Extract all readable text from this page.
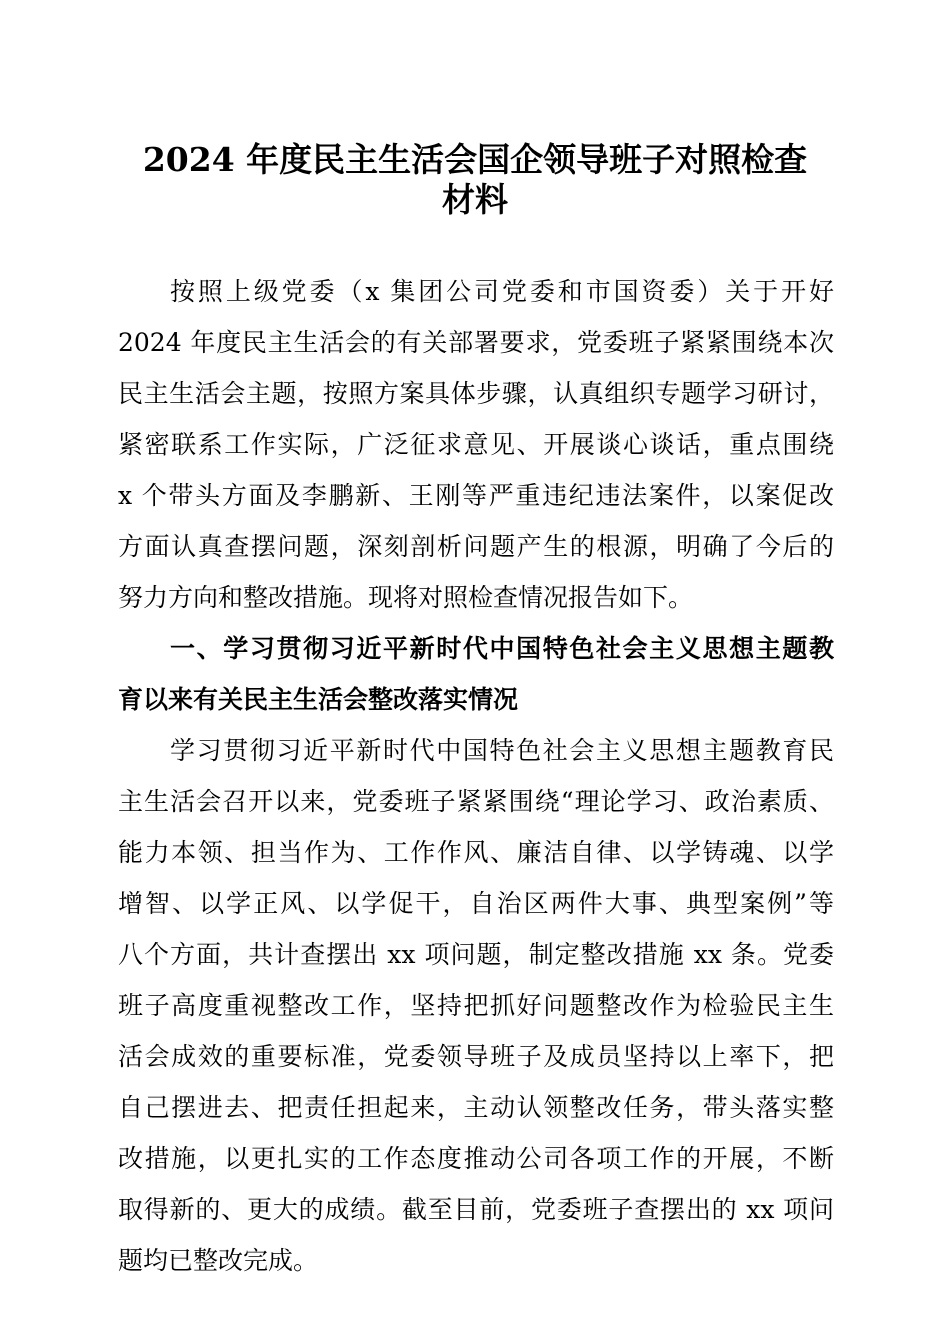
2024 年度民主生活会国企领导班子对照检查
材料
按照上级党委（x 集团公司党委和市国资委）关于开好
2024 年度民主生活会的有关部署要求，党委班子紧紧围绕本次
民主生活会主题，按照方案具体步骤，认真组织专题学习研讨，
紧密联系工作实际，广泛征求意见、开展谈心谈话，重点围绕
x 个带头方面及李鹏新、王刚等严重违纪违法案件，以案促改
方面认真查摆问题，深刻剖析问题产生的根源，明确了今后的
努力方向和整改措施。现将对照检查情况报告如下。
一、学习贯彻习近平新时代中国特色社会主义思想主题教
育以来有关民主生活会整改落实情况
学习贯彻习近平新时代中国特色社会主义思想主题教育民
主生活会召开以来，党委班子紧紧围绕“理论学习、政治素质、
能力本领、担当作为、工作作风、廉洁自律、以学铸魂、以学
增智、以学正风、以学促干，自治区两件大事、典型案例”等
八个方面，共计查摆出 xx 项问题，制定整改措施 xx 条。党委
班子高度重视整改工作，坚持把抓好问题整改作为检验民主生
活会成效的重要标准，党委领导班子及成员坚持以上率下，把
自己摆进去、把责任担起来，主动认领整改任务，带头落实整
改措施，以更扎实的工作态度推动公司各项工作的开展，不断
取得新的、更大的成绩。截至目前，党委班子查摆出的 xx 项问
题均已整改完成。
